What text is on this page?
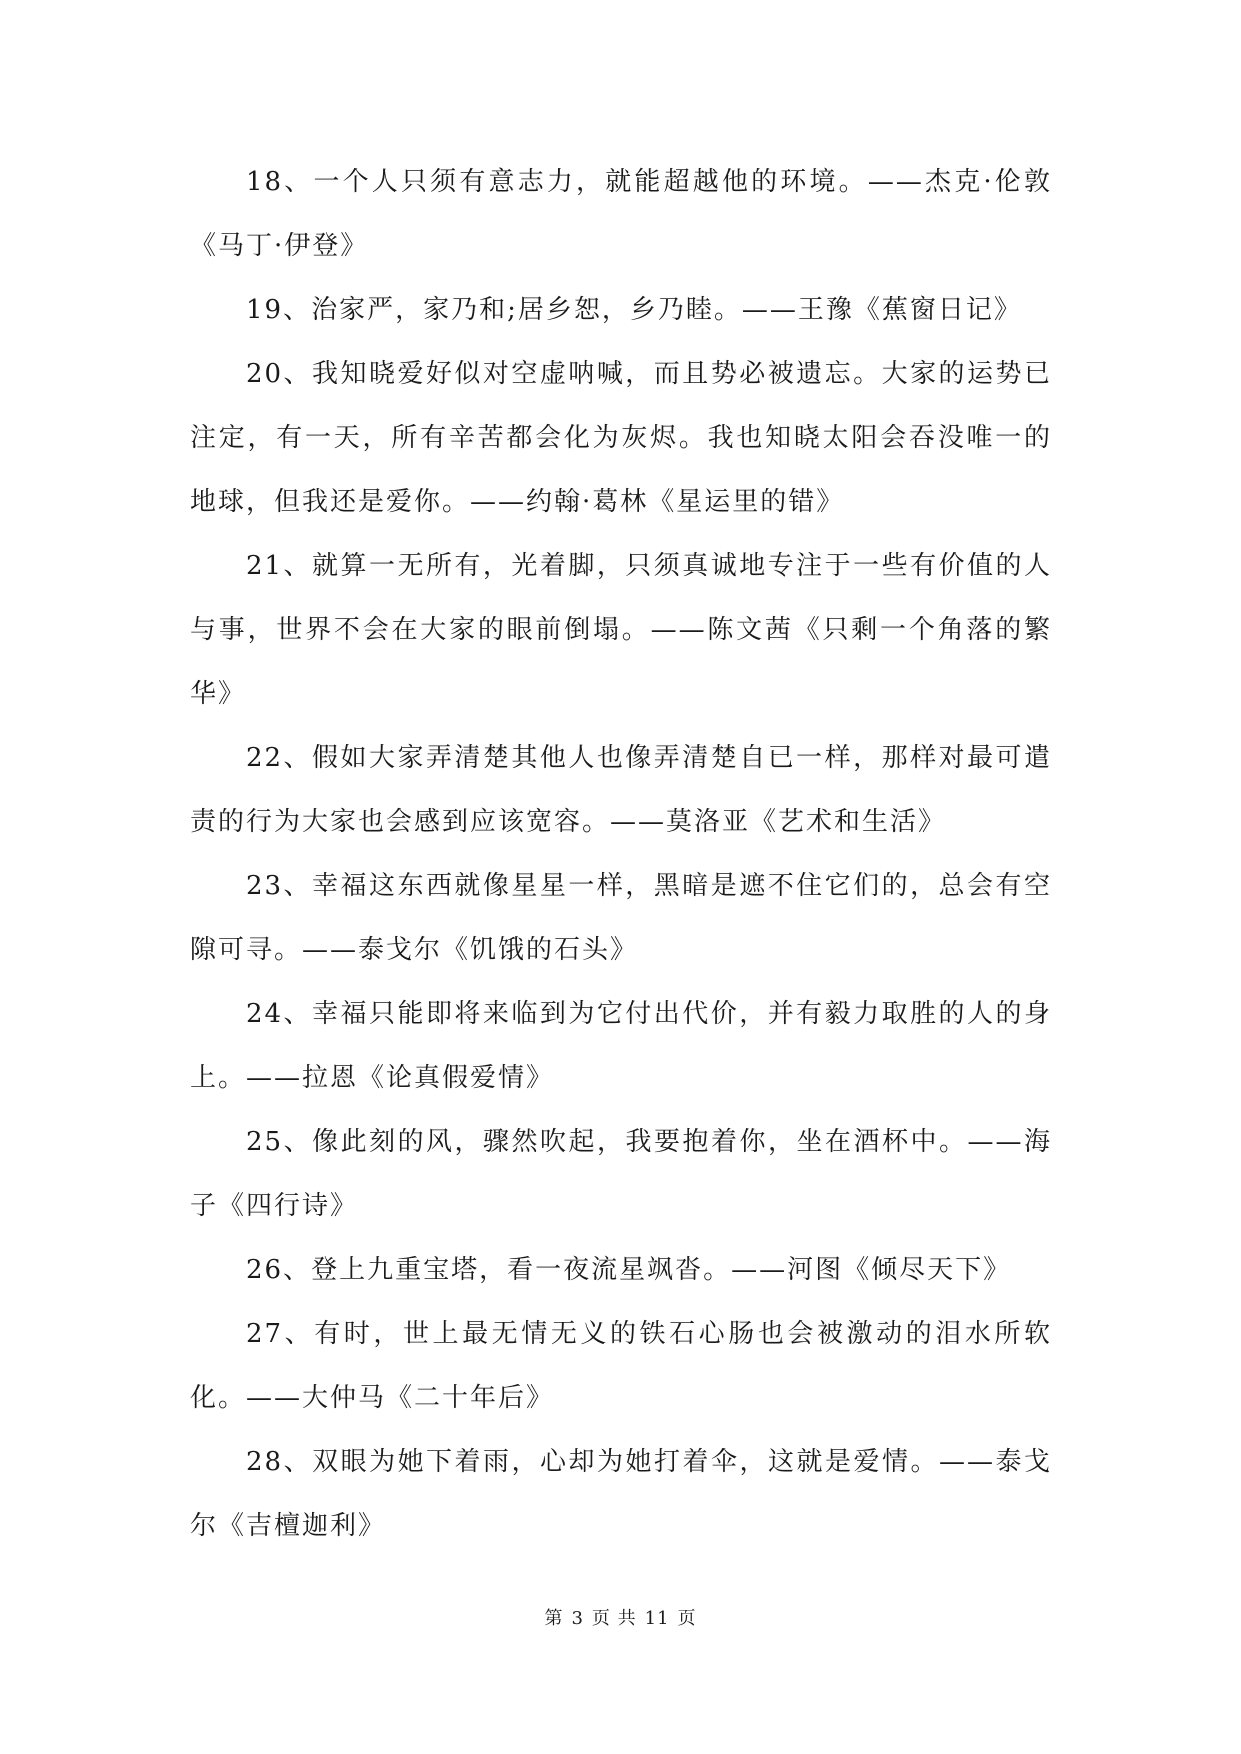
18、一个人只须有意志力，就能超越他的环境。——杰克·伦敦《马丁·伊登》

19、治家严，家乃和;居乡恕，乡乃睦。——王豫《蕉窗日记》

20、我知晓爱好似对空虚呐喊，而且势必被遗忘。大家的运势已注定，有一天，所有辛苦都会化为灰烬。我也知晓太阳会吞没唯一的地球，但我还是爱你。——约翰·葛林《星运里的错》

21、就算一无所有，光着脚，只须真诚地专注于一些有价值的人与事，世界不会在大家的眼前倒塌。——陈文茜《只剩一个角落的繁华》

22、假如大家弄清楚其他人也像弄清楚自已一样，那样对最可遣责的行为大家也会感到应该宽容。——莫洛亚《艺术和生活》

23、幸福这东西就像星星一样，黑暗是遮不住它们的，总会有空隙可寻。——泰戈尔《饥饿的石头》

24、幸福只能即将来临到为它付出代价，并有毅力取胜的人的身上。——拉恩《论真假爱情》

25、像此刻的风，骤然吹起，我要抱着你，坐在酒杯中。——海子《四行诗》

26、登上九重宝塔，看一夜流星飒沓。——河图《倾尽天下》

27、有时，世上最无情无义的铁石心肠也会被激动的泪水所软化。——大仲马《二十年后》

28、双眼为她下着雨，心却为她打着伞，这就是爱情。——泰戈尔《吉檀迦利》

第 3 页 共 11 页
